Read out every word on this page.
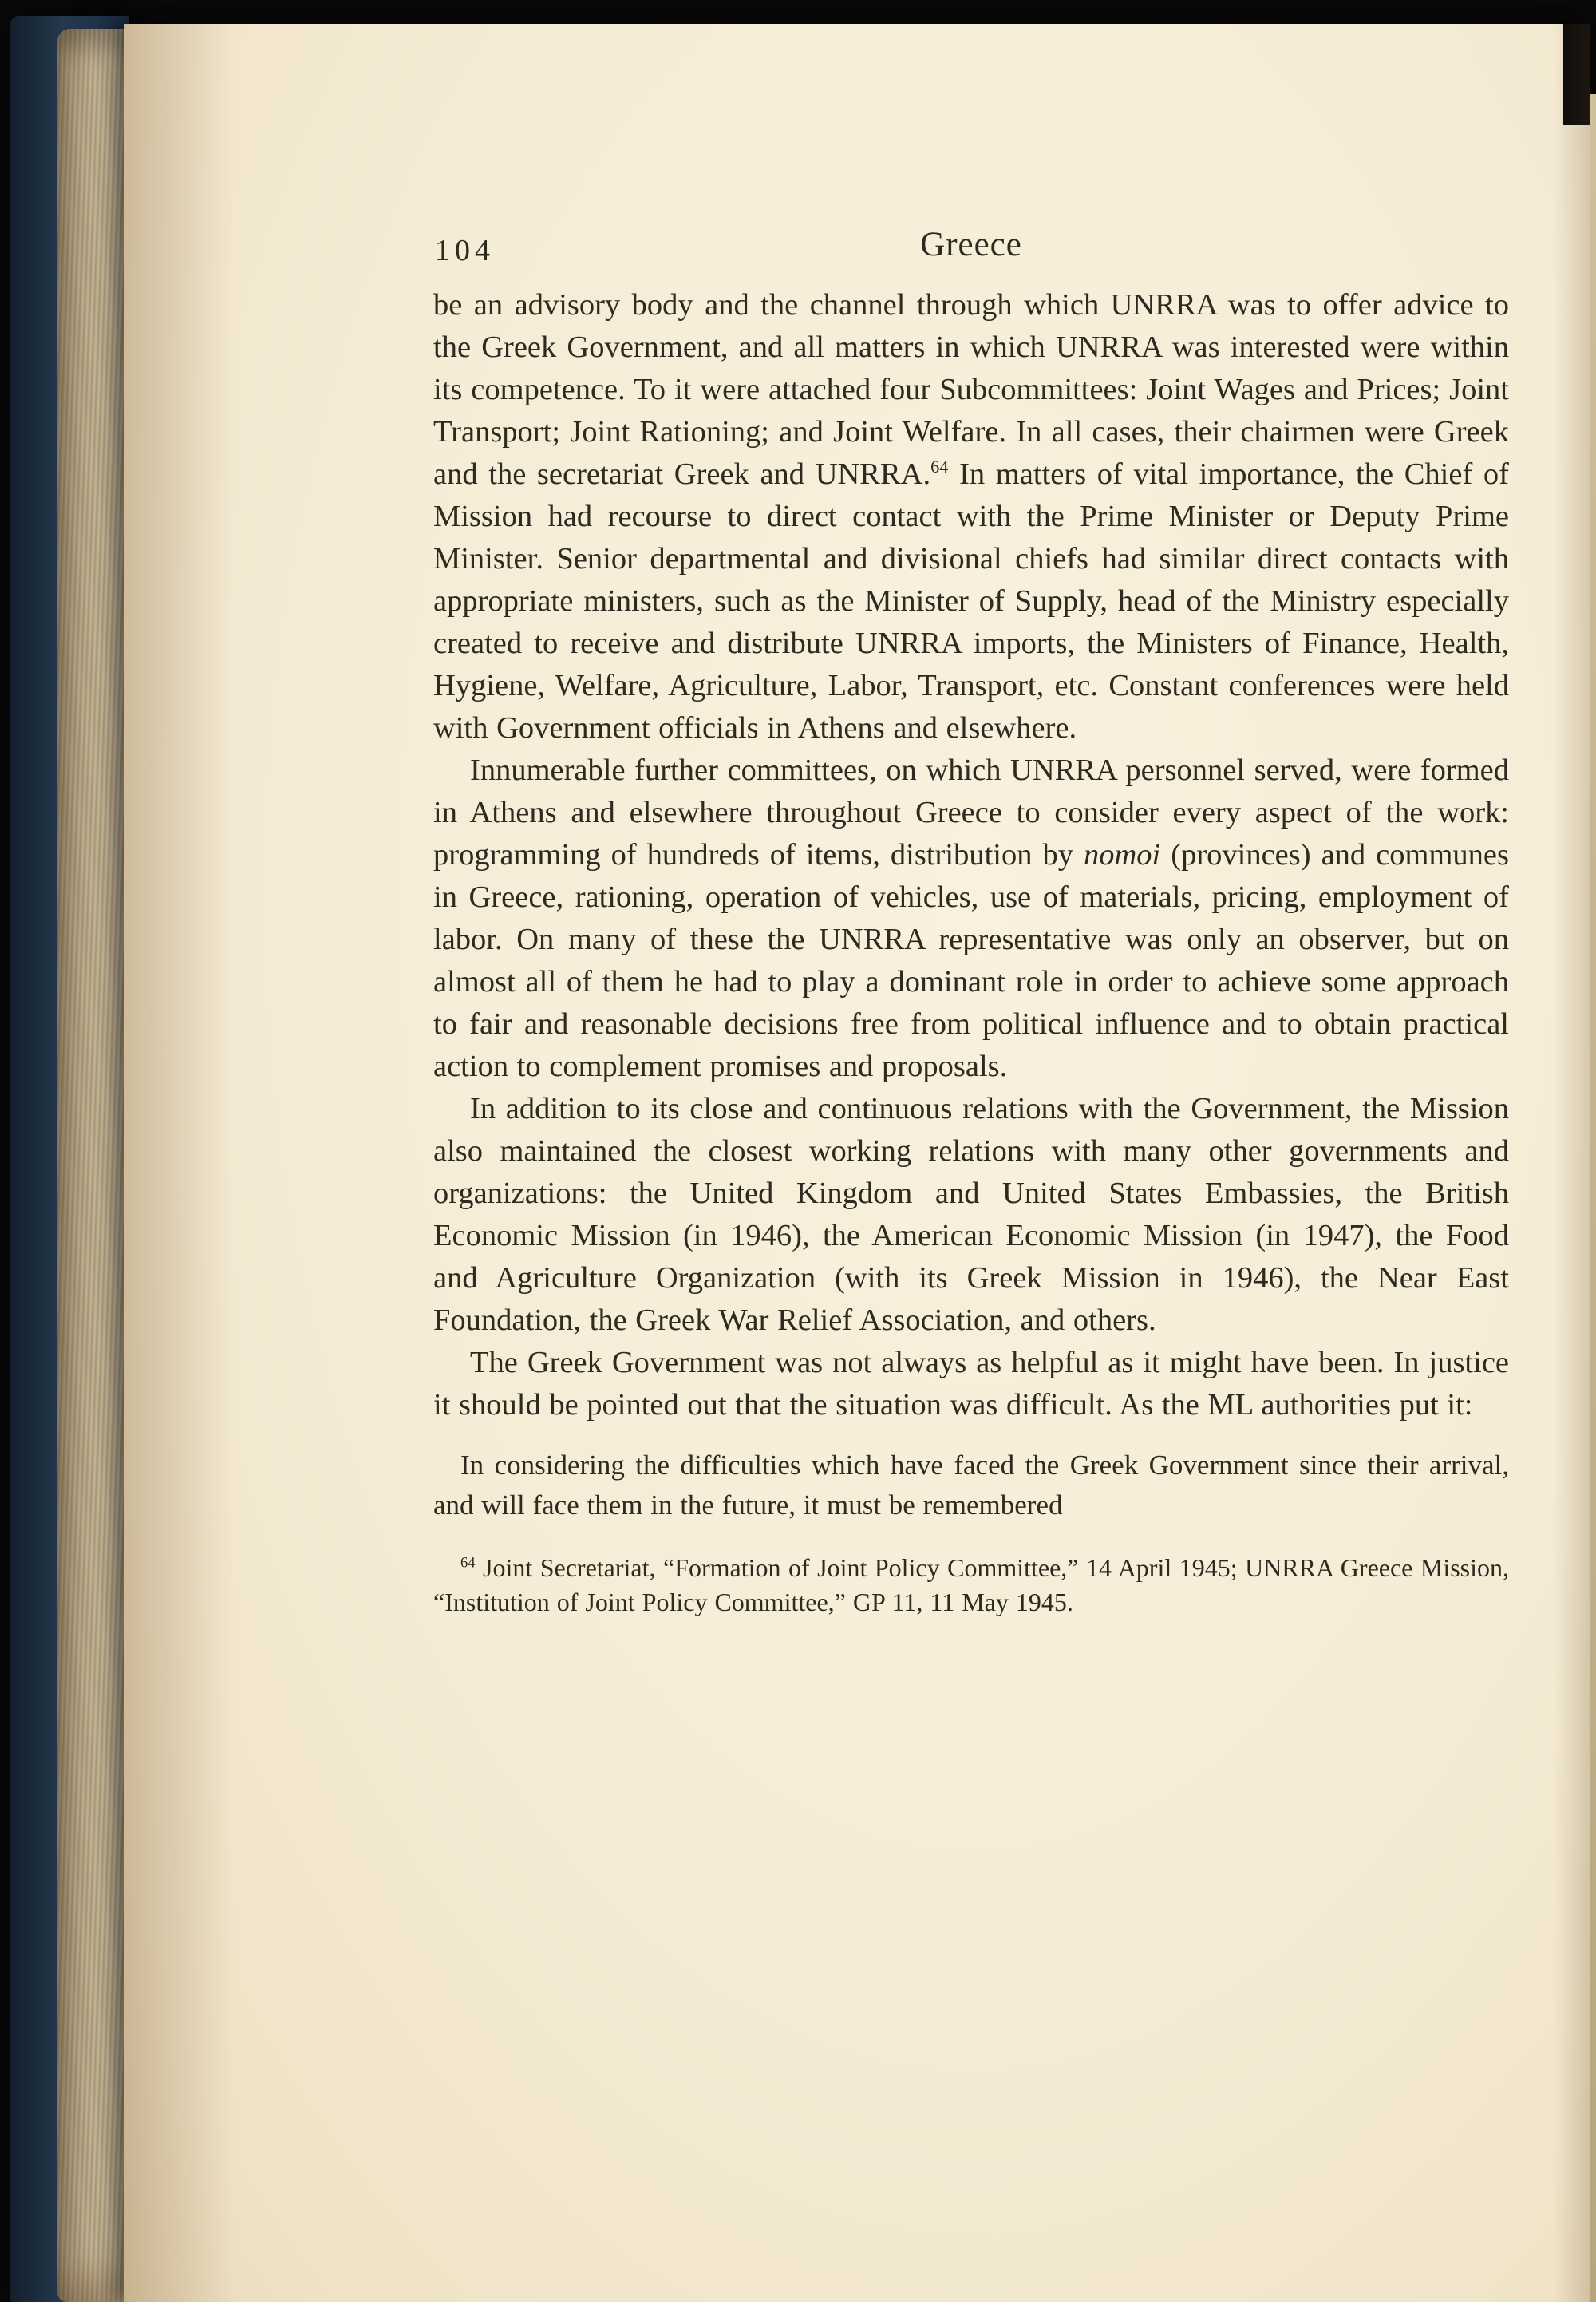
104	Greece

be an advisory body and the channel through which UNRRA was to offer advice to the Greek Government, and all matters in which UNRRA was interested were within its competence. To it were attached four Subcommittees: Joint Wages and Prices; Joint Transport; Joint Rationing; and Joint Welfare. In all cases, their chairmen were Greek and the secretariat Greek and UNRRA.$^{64}$ In matters of vital importance, the Chief of Mission had recourse to direct contact with the Prime Minister or Deputy Prime Minister. Senior departmental and divisional chiefs had similar direct contacts with appropriate ministers, such as the Minister of Supply, head of the Ministry especially created to receive and distribute UNRRA imports, the Ministers of Finance, Health, Hygiene, Welfare, Agriculture, Labor, Transport, etc. Constant conferences were held with Government officials in Athens and elsewhere.

Innumerable further committees, on which UNRRA personnel served, were formed in Athens and elsewhere throughout Greece to consider every aspect of the work: programming of hundreds of items, distribution by nomoi (provinces) and communes in Greece, rationing, operation of vehicles, use of materials, pricing, employment of labor. On many of these the UNRRA representative was only an observer, but on almost all of them he had to play a dominant role in order to achieve some approach to fair and reasonable decisions free from political influence and to obtain practical action to complement promises and proposals.

In addition to its close and continuous relations with the Government, the Mission also maintained the closest working relations with many other governments and organizations: the United Kingdom and United States Embassies, the British Economic Mission (in 1946), the American Economic Mission (in 1947), the Food and Agriculture Organization (with its Greek Mission in 1946), the Near East Foundation, the Greek War Relief Association, and others.

The Greek Government was not always as helpful as it might have been. In justice it should be pointed out that the situation was difficult. As the ML authorities put it:

In considering the difficulties which have faced the Greek Government since their arrival, and will face them in the future, it must be remembered

$^{64}$ Joint Secretariat, “Formation of Joint Policy Committee,” 14 April 1945; UNRRA Greece Mission, “Institution of Joint Policy Committee,” GP 11, 11 May 1945.
